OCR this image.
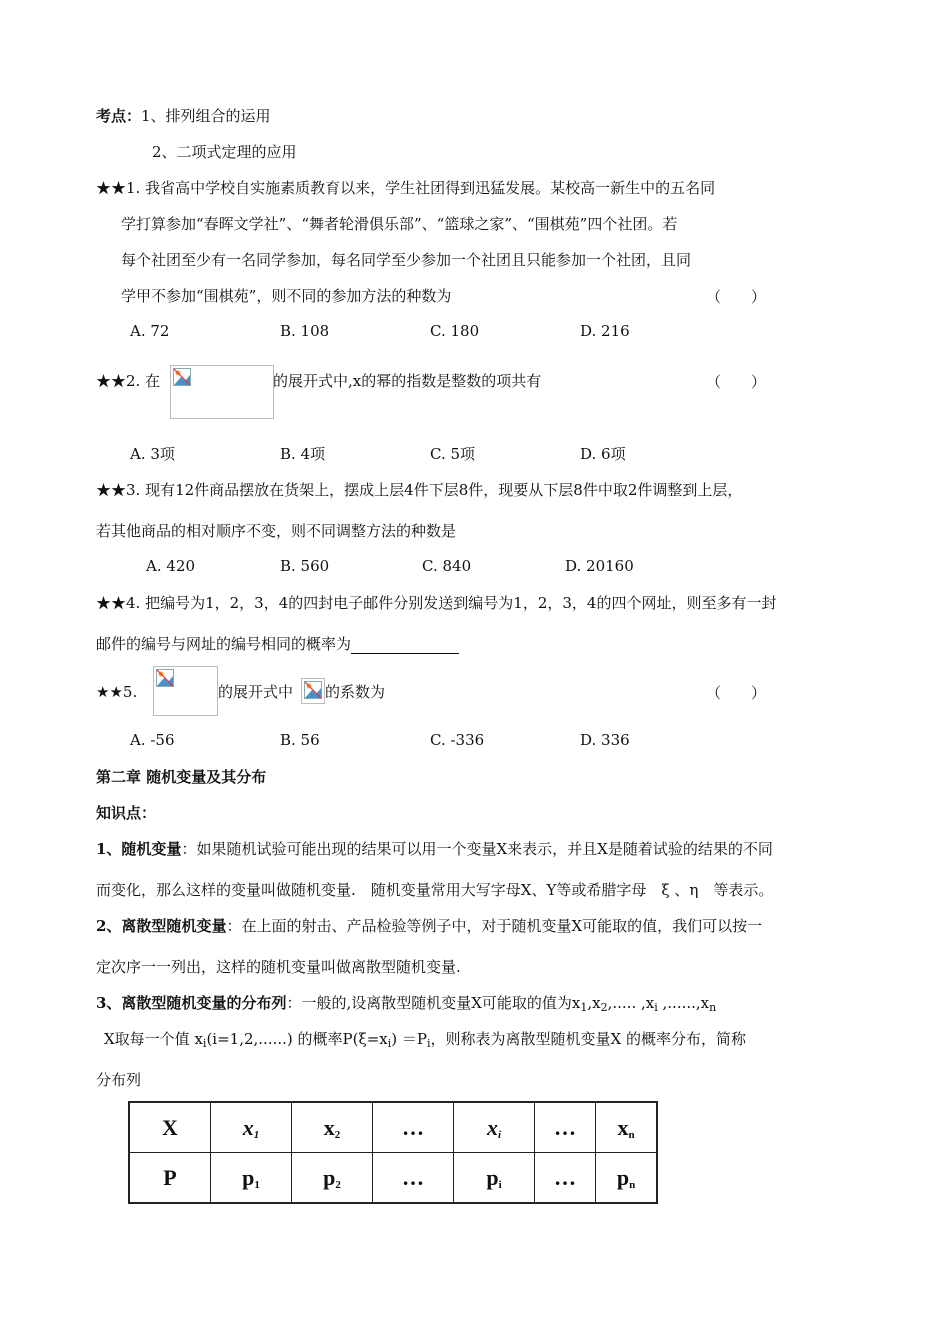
考点：1、排列组合的运用
2、二项式定理的应用
★★1. 我省高中学校自实施素质教育以来，学生社团得到迅猛发展。某校高一新生中的五名同
学打算参加“春晖文学社”、“舞者轮滑俱乐部”、“篮球之家”、“围棋苑”四个社团。若
每个社团至少有一名同学参加，每名同学至少参加一个社团且只能参加一个社团，且同
学甲不参加“围棋苑”，则不同的参加方法的种数为	（　　）
A. 72	B. 108	C. 180	D. 216
★★2. 在	的展开式中,x的幂的指数是整数的项共有	（　　）
A. 3项	B. 4项	C. 5项	D. 6项
★★3. 现有12件商品摆放在货架上，摆成上层4件下层8件，现要从下层8件中取2件调整到上层，
若其他商品的相对顺序不变，则不同调整方法的种数是
A. 420	B. 560	C. 840	D. 20160
★★4. 把编号为1，2，3，4的四封电子邮件分别发送到编号为1，2，3，4的四个网址，则至多有一封
邮件的编号与网址的编号相同的概率为
★★5.	的展开式中 的系数为	（　　）
A. -56	B. 56	C. -336	D. 336
第二章 随机变量及其分布
知识点：
1、随机变量：如果随机试验可能出现的结果可以用一个变量X来表示，并且X是随着试验的结果的不同
而变化，那么这样的变量叫做随机变量.　随机变量常用大写字母X、Y等或希腊字母　ξ 、η　等表示。
2、离散型随机变量：在上面的射击、产品检验等例子中，对于随机变量X可能取的值，我们可以按一
定次序一一列出，这样的随机变量叫做离散型随机变量.
3、离散型随机变量的分布列：一般的,设离散型随机变量X可能取的值为$x_1,x_2$,..... $,x_i$ $,......,x_n$
X取每一个值 $x_i(i=1,2,......)$ 的概率$P(\xi=x_i) =P_i$，则称表为离散型随机变量X 的概率分布，简称
分布列
X	$x_1$	$x_2$	…	$x_i$	…	$x_n$
P	$p_1$	$p_2$	…	$p_i$	…	$p_n$
